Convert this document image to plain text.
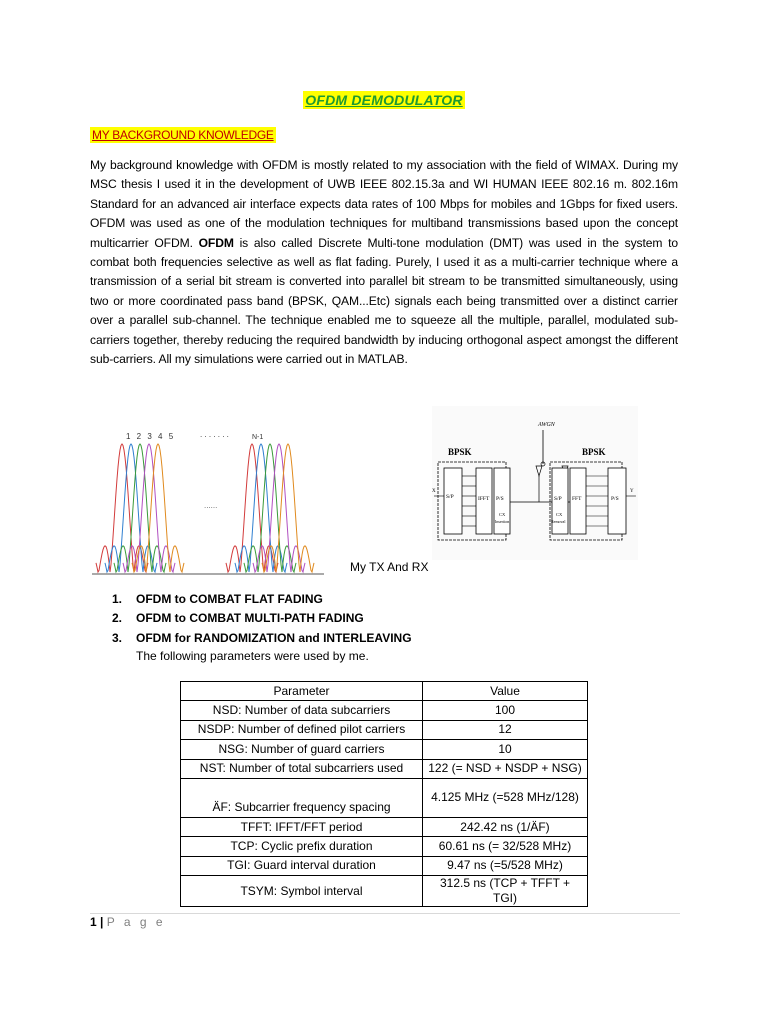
OFDM DEMODULATOR
MY BACKGROUND KNOWLEDGE

My background knowledge with OFDM is mostly related to my association with the field of WIMAX. During my MSC thesis I used it in the development of UWB IEEE 802.15.3a and WI HUMAN IEEE 802.16 m. 802.16m Standard for an advanced air interface expects data rates of 100 Mbps for mobiles and 1Gbps for fixed users. OFDM was used as one of the modulation techniques for multiband transmissions based upon the concept multicarrier OFDM. OFDM is also called Discrete Multi-tone modulation (DMT) was used in the system to combat both frequencies selective as well as flat fading. Purely, I used it as a multi-carrier technique where a transmission of a serial bit stream is converted into parallel bit stream to be transmitted simultaneously, using two or more coordinated pass band (BPSK, QAM...Etc) signals each being transmitted over a distinct carrier over a parallel sub-channel. The technique enabled me to squeeze all the multiple, parallel, modulated sub-carriers together, thereby reducing the required bandwidth by inducing orthogonal aspect amongst the different sub-carriers. All my simulations were carried out in MATLAB.

1 2 3 4 5	. . . . . . .	N-1
......
AWGN
BPSK
S/P	IFFT P/S
CX
Insertion
X
BPSK
S/P FFT	P/S
CX
Removal
Y
My TX And RX
1.	OFDM to COMBAT FLAT FADING
2.	OFDM to COMBAT MULTI-PATH FADING
3.	OFDM for RANDOMIZATION and INTERLEAVING
The following parameters were used by me.
Parameter	Value
NSD: Number of data subcarriers	100
NSDP: Number of defined pilot carriers	12
NSG: Number of guard carriers	10
NST: Number of total subcarriers used	122 (= NSD + NSDP + NSG)
ÄF: Subcarrier frequency spacing	4.125 MHz (=528 MHz/128)
TFFT: IFFT/FFT period	242.42 ns (1/ÄF)
TCP: Cyclic prefix duration	60.61 ns (= 32/528 MHz)
TGI: Guard interval duration	9.47 ns (=5/528 MHz)
TSYM: Symbol interval	312.5 ns (TCP + TFFT + TGI)
1 | P a g e
